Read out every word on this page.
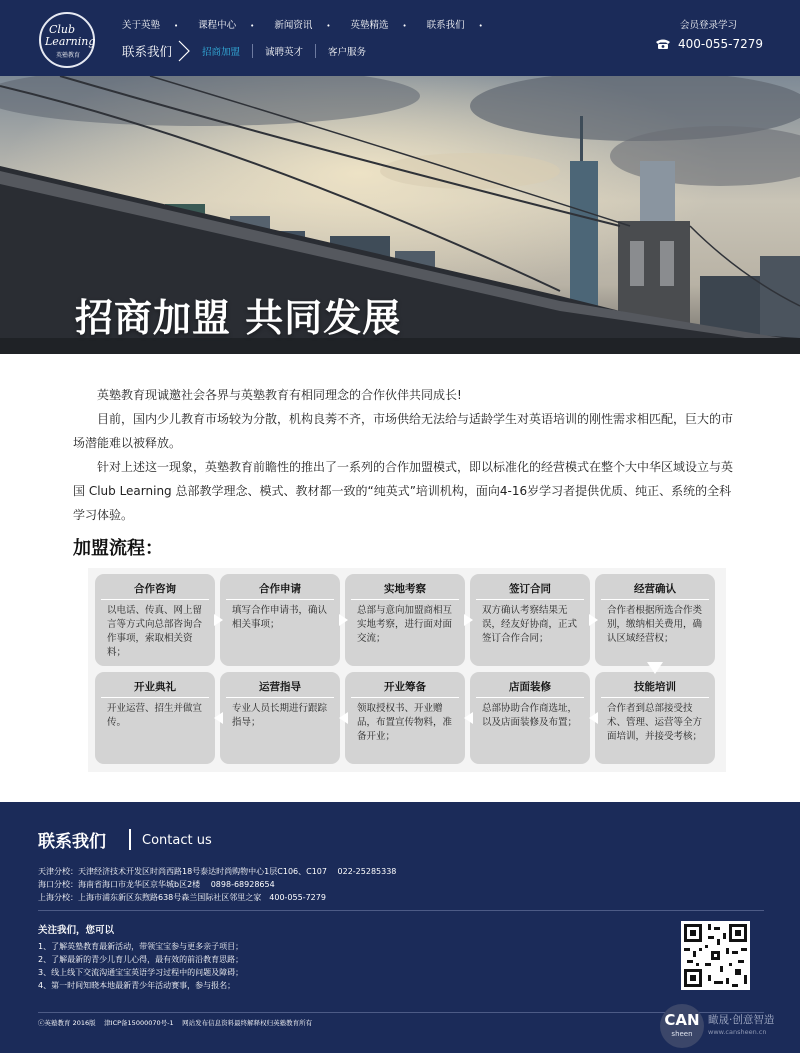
Club
Learning
英塾教育
关于英塾 • 课程中心 • 新闻资讯 • 英塾精选 • 联系我们 •
联系我们	招商加盟	诚聘英才	客户服务
会员登录学习
400-055-7279
招商加盟 共同发展

英塾教育现诚邀社会各界与英塾教育有相同理念的合作伙伴共同成长!

目前，国内少儿教育市场较为分散，机构良莠不齐，市场供给无法给与适龄学生对英语培训的刚性需求相匹配，巨大的市场潜能难以被释放。

针对上述这一现象，英塾教育前瞻性的推出了一系列的合作加盟模式，即以标准化的经营模式在整个大中华区域设立与英国 Club Learning 总部教学理念、模式、教材都一致的“纯英式”培训机构，面向4-16岁学习者提供优质、纯正、系统的全科学习体验。

加盟流程：
合作咨询
以电话、传真、网上留言等方式向总部咨询合作事项，索取相关资料；
合作申请
填写合作申请书，确认相关事项；
实地考察
总部与意向加盟商相互实地考察，进行面对面交流；
签订合同
双方确认考察结果无误，经友好协商，正式签订合作合同；
经营确认
合作者根据所选合作类别，缴纳相关费用，确认区域经营权；
技能培训
合作者到总部接受技术、管理、运营等全方面培训，并接受考核；
店面装修
总部协助合作商选址，以及店面装修及布置；
开业筹备
领取授权书、开业赠品，布置宣传物料，准备开业；
运营指导
专业人员长期进行跟踪指导；
开业典礼
开业运营、招生并做宣传。
联系我们	Contact us
天津分校：天津经济技术开发区时尚西路18号泰达时尚购物中心1层C106、C107　 022-25285338
海口分校：海南省海口市龙华区京华城b区2楼　 0898-68928654
上海分校：上海市浦东新区东煦路638号森兰国际社区邻里之家　400-055-7279
关注我们，您可以
1、了解英塾教育最新活动，带领宝宝参与更多亲子项目；
2、了解最新的青少儿育儿心得，最有效的前沿教育思路；
3、线上线下交流沟通宝宝英语学习过程中的问题及障碍；
4、第一时间知晓本地最新青少年活动赛事，参与报名；
ⓒ英塾教育 2016版　 津ICP备15000070号-1　 网站发布信息资料最终解释权归英塾教育所有	CAN
sheen
瞰晟·创意智造
www.cansheen.cn
